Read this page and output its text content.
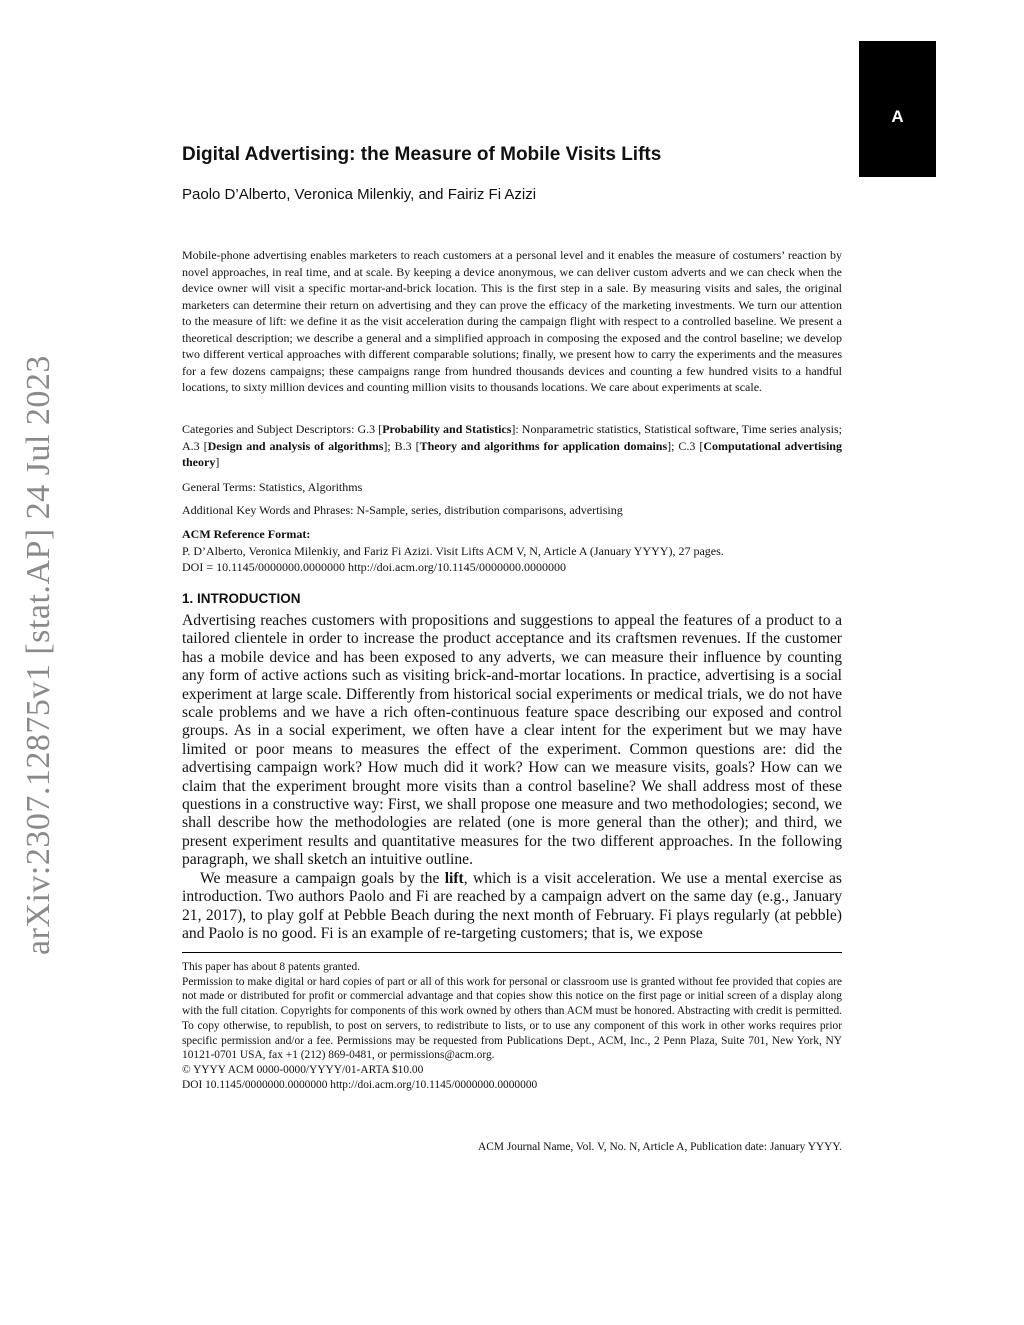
A
arXiv:2307.12875v1 [stat.AP] 24 Jul 2023
Digital Advertising: the Measure of Mobile Visits Lifts
Paolo D’Alberto, Veronica Milenkiy, and Fairiz Fi Azizi

Mobile-phone advertising enables marketers to reach customers at a personal level and it enables the measure of costumers’ reaction by novel approaches, in real time, and at scale. By keeping a device anonymous, we can deliver custom adverts and we can check when the device owner will visit a specific mortar-and-brick location. This is the first step in a sale. By measuring visits and sales, the original marketers can determine their return on advertising and they can prove the efficacy of the marketing investments. We turn our attention to the measure of lift: we define it as the visit acceleration during the campaign flight with respect to a controlled baseline. We present a theoretical description; we describe a general and a simplified approach in composing the exposed and the control baseline; we develop two different vertical approaches with different comparable solutions; finally, we present how to carry the experiments and the measures for a few dozens campaigns; these campaigns range from hundred thousands devices and counting a few hundred visits to a handful locations, to sixty million devices and counting million visits to thousands locations. We care about experiments at scale.

Categories and Subject Descriptors: G.3 [Probability and Statistics]: Nonparametric statistics, Statistical software, Time series analysis; A.3 [Design and analysis of algorithms]; B.3 [Theory and algorithms for application domains]; C.3 [Computational advertising theory]

General Terms: Statistics, Algorithms

Additional Key Words and Phrases: N-Sample, series, distribution comparisons, advertising

ACM Reference Format:

P. D’Alberto, Veronica Milenkiy, and Fariz Fi Azizi. Visit Lifts ACM V, N, Article A (January YYYY), 27 pages.

DOI = 10.1145/0000000.0000000 http://doi.acm.org/10.1145/0000000.0000000

1. INTRODUCTION

Advertising reaches customers with propositions and suggestions to appeal the features of a product to a tailored clientele in order to increase the product acceptance and its craftsmen revenues. If the customer has a mobile device and has been exposed to any adverts, we can measure their influence by counting any form of active actions such as visiting brick-and-mortar locations. In practice, advertising is a social experiment at large scale. Differently from historical social experiments or medical trials, we do not have scale problems and we have a rich often-continuous feature space describing our exposed and control groups. As in a social experiment, we often have a clear intent for the experiment but we may have limited or poor means to measures the effect of the experiment. Common questions are: did the advertising campaign work? How much did it work? How can we measure visits, goals? How can we claim that the experiment brought more visits than a control baseline? We shall address most of these questions in a constructive way: First, we shall propose one measure and two methodologies; second, we shall describe how the methodologies are related (one is more general than the other); and third, we present experiment results and quantitative measures for the two different approaches. In the following paragraph, we shall sketch an intuitive outline.

We measure a campaign goals by the lift, which is a visit acceleration. We use a mental exercise as introduction. Two authors Paolo and Fi are reached by a campaign advert on the same day (e.g., January 21, 2017), to play golf at Pebble Beach during the next month of February. Fi plays regularly (at pebble) and Paolo is no good. Fi is an example of re-targeting customers; that is, we expose

This paper has about 8 patents granted.

Permission to make digital or hard copies of part or all of this work for personal or classroom use is granted without fee provided that copies are not made or distributed for profit or commercial advantage and that copies show this notice on the first page or initial screen of a display along with the full citation. Copyrights for components of this work owned by others than ACM must be honored. Abstracting with credit is permitted. To copy otherwise, to republish, to post on servers, to redistribute to lists, or to use any component of this work in other works requires prior specific permission and/or a fee. Permissions may be requested from Publications Dept., ACM, Inc., 2 Penn Plaza, Suite 701, New York, NY 10121-0701 USA, fax +1 (212) 869-0481, or permissions@acm.org.

© YYYY ACM 0000-0000/YYYY/01-ARTA $10.00

DOI 10.1145/0000000.0000000 http://doi.acm.org/10.1145/0000000.0000000

ACM Journal Name, Vol. V, No. N, Article A, Publication date: January YYYY.
